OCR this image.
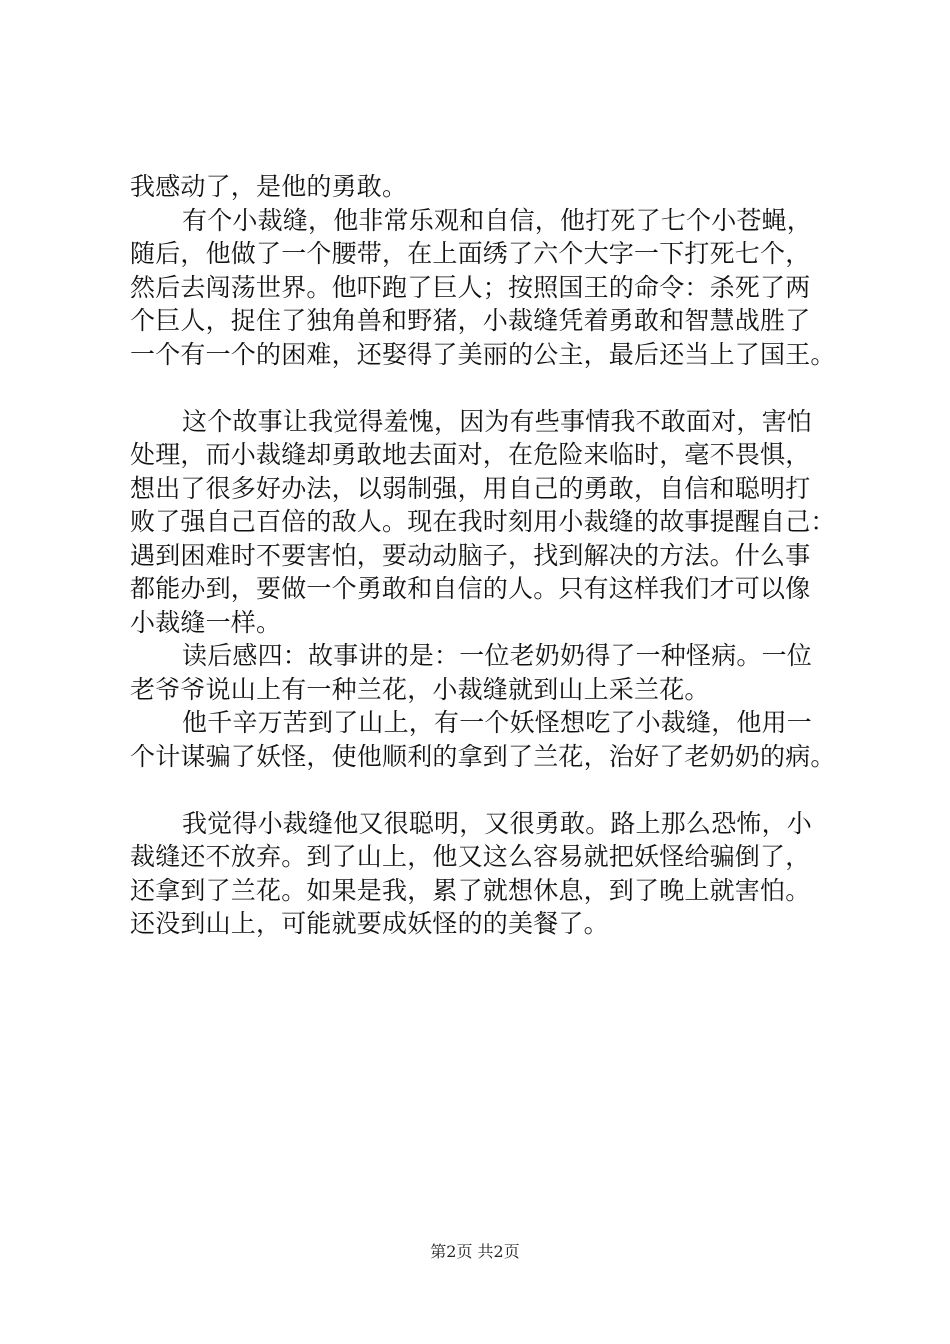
我感动了，是他的勇敢。
有个小裁缝，他非常乐观和自信，他打死了七个小苍蝇，
随后，他做了一个腰带，在上面绣了六个大字一下打死七个，
然后去闯荡世界。他吓跑了巨人；按照国王的命令：杀死了两
个巨人，捉住了独角兽和野猪，小裁缝凭着勇敢和智慧战胜了
一个有一个的困难，还娶得了美丽的公主，最后还当上了国王。
这个故事让我觉得羞愧，因为有些事情我不敢面对，害怕
处理，而小裁缝却勇敢地去面对，在危险来临时，毫不畏惧，
想出了很多好办法，以弱制强，用自己的勇敢，自信和聪明打
败了强自己百倍的敌人。现在我时刻用小裁缝的故事提醒自己：
遇到困难时不要害怕，要动动脑子，找到解决的方法。什么事
都能办到，要做一个勇敢和自信的人。只有这样我们才可以像
小裁缝一样。
读后感四：故事讲的是：一位老奶奶得了一种怪病。一位
老爷爷说山上有一种兰花，小裁缝就到山上采兰花。
他千辛万苦到了山上，有一个妖怪想吃了小裁缝，他用一
个计谋骗了妖怪，使他顺利的拿到了兰花，治好了老奶奶的病。
我觉得小裁缝他又很聪明，又很勇敢。路上那么恐怖，小
裁缝还不放弃。到了山上，他又这么容易就把妖怪给骗倒了，
还拿到了兰花。如果是我，累了就想休息，到了晚上就害怕。
还没到山上，可能就要成妖怪的的美餐了。
第2页 共2页
